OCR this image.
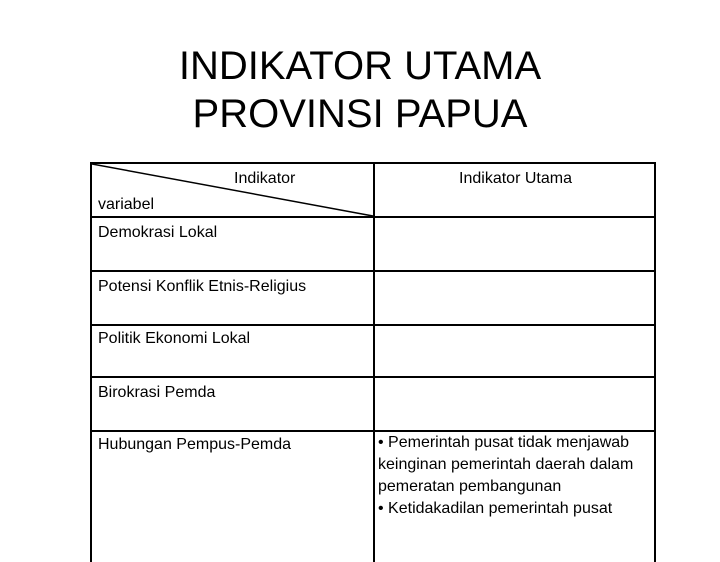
INDIKATOR UTAMA
PROVINSI PAPUA
Indikator
variabel
Indikator Utama
Demokrasi Lokal
Potensi Konflik Etnis-Religius
Politik Ekonomi Lokal
Birokrasi Pemda
Hubungan Pempus-Pemda	• Pemerintah pusat tidak menjawab keinginan pemerintah daerah dalam pemeratan pembangunan
• Ketidakadilan pemerintah pusat
